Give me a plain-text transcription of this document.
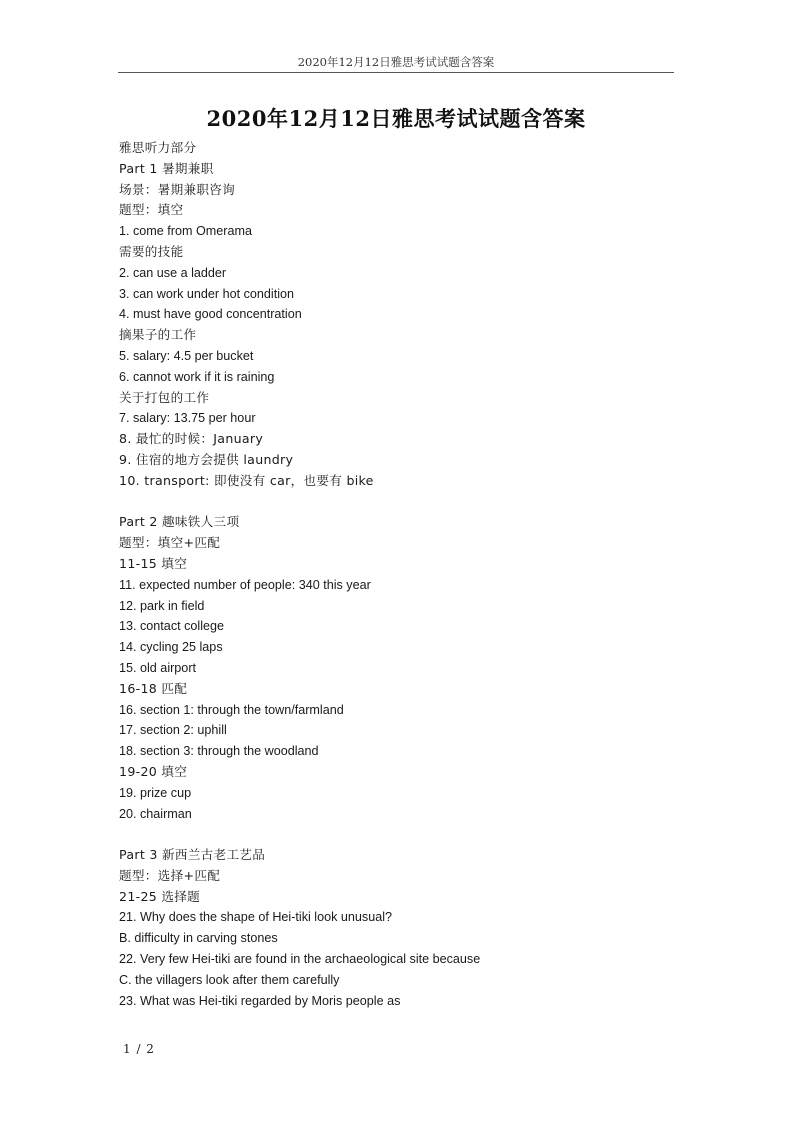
2020年12月12日雅思考试试题含答案
2020年12月12日雅思考试试题含答案
雅思听力部分
Part 1 暑期兼职
场景：暑期兼职咨询
题型：填空
1. come from Omerama
需要的技能
2. can use a ladder
3. can work under hot condition
4. must have good concentration
摘果子的工作
5. salary: 4.5 per bucket
6. cannot work if it is raining
关于打包的工作
7. salary: 13.75 per hour
8. 最忙的时候：January
9. 住宿的地方会提供 laundry
10. transport: 即使没有 car，也要有 bike
Part 2 趣味铁人三项
题型：填空+匹配
11-15 填空
11. expected number of people: 340 this year
12. park in field
13. contact college
14. cycling 25 laps
15. old airport
16-18 匹配
16. section 1: through the town/farmland
17. section 2: uphill
18. section 3: through the woodland
19-20 填空
19. prize cup
20. chairman
Part 3 新西兰古老工艺品
题型：选择+匹配
21-25 选择题
21. Why does the shape of Hei-tiki look unusual?
B. difficulty in carving stones
22. Very few Hei-tiki are found in the archaeological site because
C. the villagers look after them carefully
23. What was Hei-tiki regarded by Moris people as
1 / 2
